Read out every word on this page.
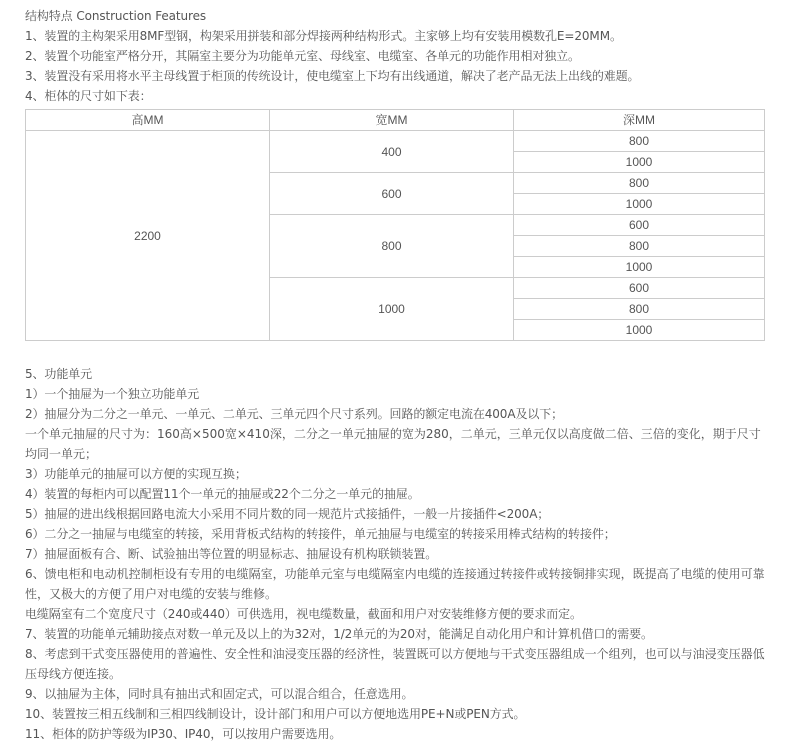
结构特点 Construction Features
1、装置的主构架采用8MF型钢，构架采用拼装和部分焊接两种结构形式。主家够上均有安装用模数孔E=20MM。
2、装置个功能室严格分开，其隔室主要分为功能单元室、母线室、电缆室、各单元的功能作用相对独立。
3、装置没有采用将水平主母线置于柜顶的传统设计，使电缆室上下均有出线通道，解决了老产品无法上出线的难题。
4、柜体的尺寸如下表：
高MM	宽MM	深MM
2200	400	800
		1000
	600	800
		1000
	800	600
		800
		1000
	1000	600
		800
		1000
5、功能单元
1）一个抽屉为一个独立功能单元
2）抽屉分为二分之一单元、一单元、二单元、三单元四个尺寸系列。回路的额定电流在400A及以下；
一个单元抽屉的尺寸为：160高×500宽×410深，二分之一单元抽屉的宽为280，二单元，三单元仅以高度做二倍、三倍的变化，期于尺寸均同一单元；
3）功能单元的抽屉可以方便的实现互换；
4）装置的每柜内可以配置11个一单元的抽屉或22个二分之一单元的抽屉。
5）抽屉的进出线根据回路电流大小采用不同片数的同一规范片式接插件，一般一片接插件<200A；
6）二分之一抽屉与电缆室的转接，采用背板式结构的转接件，单元抽屉与电缆室的转接采用棒式结构的转接件；
7）抽屉面板有合、断、试验抽出等位置的明显标志、抽屉设有机构联锁装置。
6、馈电柜和电动机控制柜设有专用的电缆隔室，功能单元室与电缆隔室内电缆的连接通过转接件或转接铜排实现，既提高了电缆的使用可靠性，又极大的方便了用户对电缆的安装与维修。
电缆隔室有二个宽度尺寸（240或440）可供选用，视电缆数量，截面和用户对安装维修方便的要求而定。
7、装置的功能单元辅助接点对数一单元及以上的为32对，1/2单元的为20对，能满足自动化用户和计算机借口的需要。
8、考虑到干式变压器使用的普遍性、安全性和油浸变压器的经济性，装置既可以方便地与干式变压器组成一个组列，也可以与油浸变压器低压母线方便连接。
9、以抽屉为主体，同时具有抽出式和固定式，可以混合组合，任意选用。
10、装置按三相五线制和三相四线制设计，设计部门和用户可以方便地选用PE+N或PEN方式。
11、柜体的防护等级为IP30、IP40，可以按用户需要选用。
